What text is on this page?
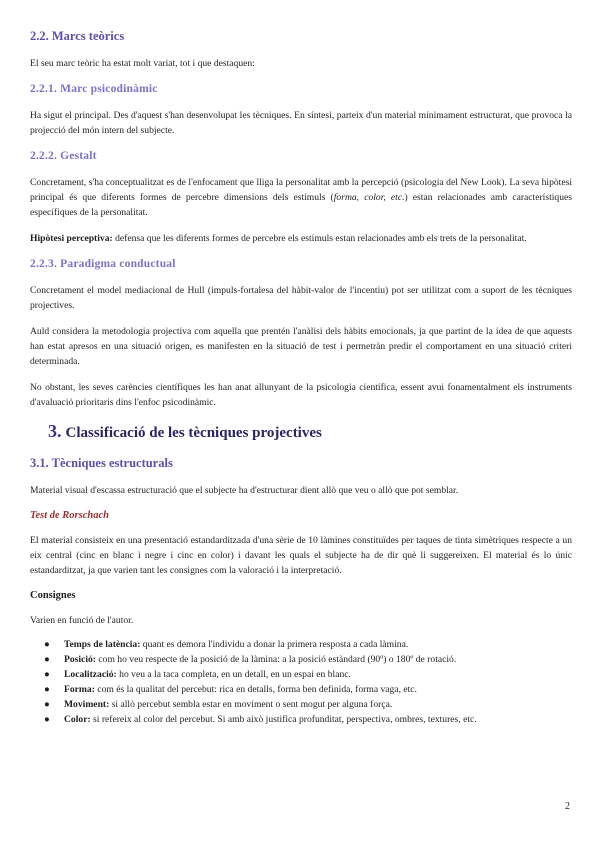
2.2. Marcs teòrics

El seu marc teòric ha estat molt variat, tot i que destaquen:

2.2.1. Marc psicodinàmic

Ha sigut el principal. Des d'aquest s'han desenvolupat les tècniques. En síntesi, parteix d'un material mínimament estructurat, que provoca la projecció del món intern del subjecte.

2.2.2. Gestalt

Concretament, s'ha conceptualitzat es de l'enfocament que lliga la personalitat amb la percepció (psicologia del New Look). La seva hipòtesi principal és que diferents formes de percebre dimensions dels estímuls (forma, color, etc.) estan relacionades amb característiques específiques de la personalitat.

Hipòtesi perceptiva: defensa que les diferents formes de percebre els estímuls estan relacionades amb els trets de la personalitat.

2.2.3. Paradigma conductual

Concretament el model mediacional de Hull (impuls-fortalesa del hàbit-valor de l'incentiu) pot ser utilitzat com a suport de les tècniques projectives.

Auld considera la metodologia projectiva com aquella que prentén l'anàlisi dels hàbits emocionals, ja que partint de la idea de que aquests han estat apresos en una situació origen, es manifesten en la situació de test i permetràn predir el comportament en una situació criteri determinada.

No obstant, les seves carències científiques les han anat allunyant de la psicologia científica, essent avui fonamentalment els instruments d'avaluació prioritaris dins l'enfoc psicodinàmic.

3. Classificació de les tècniques projectives
3.1. Tècniques estructurals

Material visual d'escassa estructuració que el subjecte ha d'estructurar dient allò que veu o allò que pot semblar.

Test de Rorschach

El material consisteix en una presentació estandarditzada d'una sèrie de 10 làmines constituïdes per taques de tinta simètriques respecte a un eix central (cinc en blanc i negre i cinc en color) i davant les quals el subjecte ha de dir què li suggereixen. El material és lo únic estandarditzat, ja que varien tant les consignes com la valoració i la interpretació.

Consignes

Varien en funció de l'autor.

● Temps de latència: quant es demora l'individu a donar la primera resposta a cada làmina.
● Posició: com ho veu respecte de la posició de la làmina: a la posició estàndard (90º) o 180º de rotació.
● Localització: ho veu a la taca completa, en un detall, en un espai en blanc.
● Forma: com és la qualitat del percebut: rica en detalls, forma ben definida, forma vaga, etc.
● Moviment: si allò percebut sembla estar en moviment o sent mogut per alguna força.
● Color: si refereix al color del percebut. Si amb això justifica profunditat, perspectiva, ombres, textures, etc.
2
